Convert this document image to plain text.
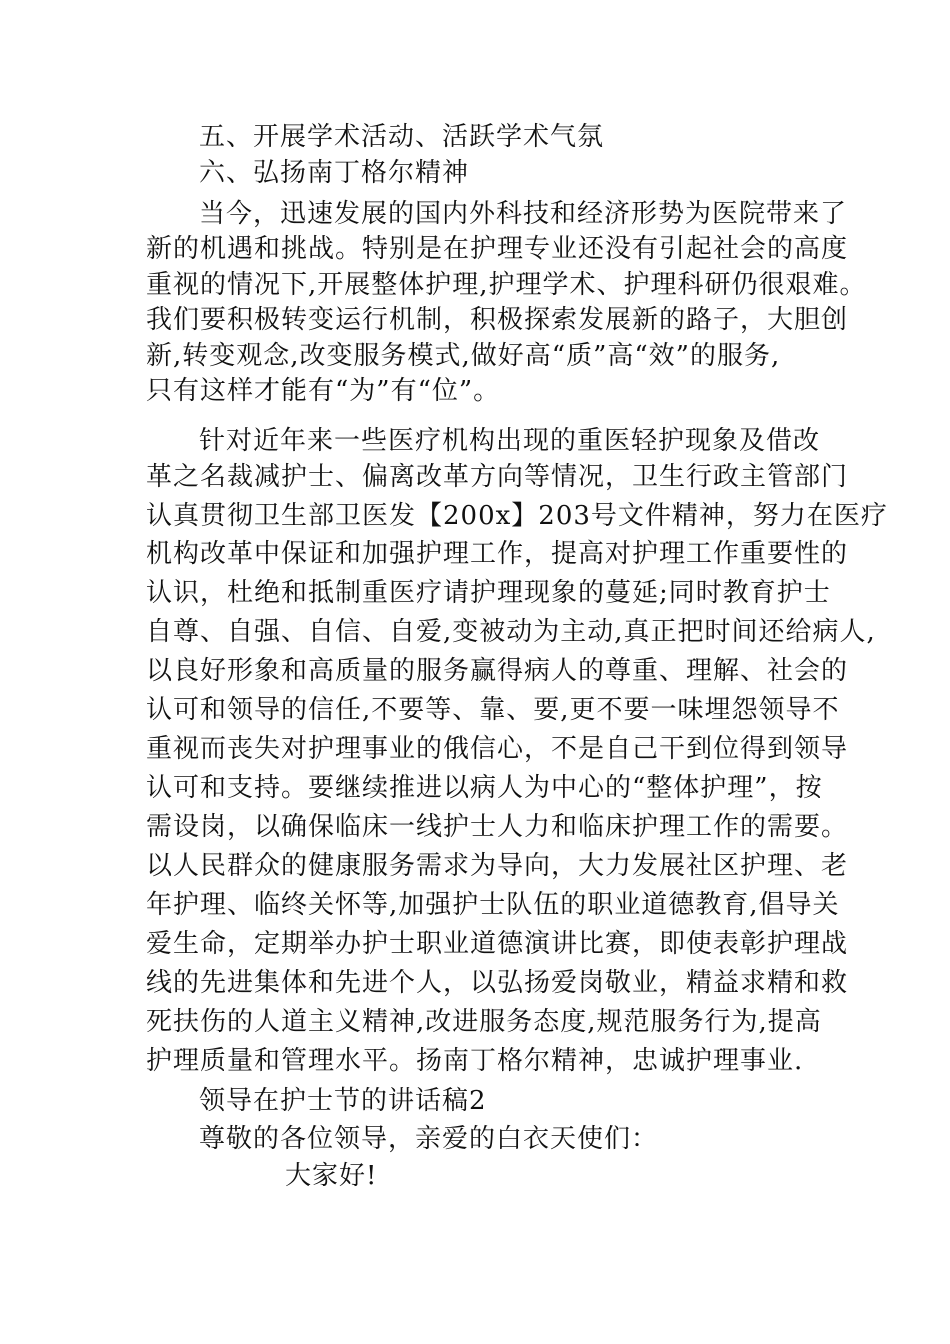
五、开展学术活动、活跃学术气氛

六、弘扬南丁格尔精神

当今，迅速发展的国内外科技和经济形势为医院带来了

新的机遇和挑战。特别是在护理专业还没有引起社会的高度

重视的情况下,开展整体护理,护理学术、护理科研仍很艰难。

我们要积极转变运行机制，积极探索发展新的路子，大胆创

新,转变观念,改变服务模式,做好高“质”高“效”的服务,

只有这样才能有“为”有“位”。

针对近年来一些医疗机构出现的重医轻护现象及借改

革之名裁减护士、偏离改革方向等情况，卫生行政主管部门

认真贯彻卫生部卫医发【200x】203号文件精神，努力在医疗

机构改革中保证和加强护理工作，提高对护理工作重要性的

认识，杜绝和抵制重医疗请护理现象的蔓延;同时教育护士

自尊、自强、自信、自爱,变被动为主动,真正把时间还给病人,

以良好形象和高质量的服务赢得病人的尊重、理解、社会的

认可和领导的信任,不要等、靠、要,更不要一味埋怨领导不

重视而丧失对护理事业的俄信心，不是自己干到位得到领导

认可和支持。要继续推进以病人为中心的“整体护理”，按

需设岗，以确保临床一线护士人力和临床护理工作的需要。

以人民群众的健康服务需求为导向，大力发展社区护理、老

年护理、临终关怀等,加强护士队伍的职业道德教育,倡导关

爱生命，定期举办护士职业道德演讲比赛，即使表彰护理战

线的先进集体和先进个人，以弘扬爱岗敬业，精益求精和救

死扶伤的人道主义精神,改进服务态度,规范服务行为,提高

护理质量和管理水平。扬南丁格尔精神，忠诚护理事业.

领导在护士节的讲话稿2

尊敬的各位领导，亲爱的白衣天使们：

大家好!
